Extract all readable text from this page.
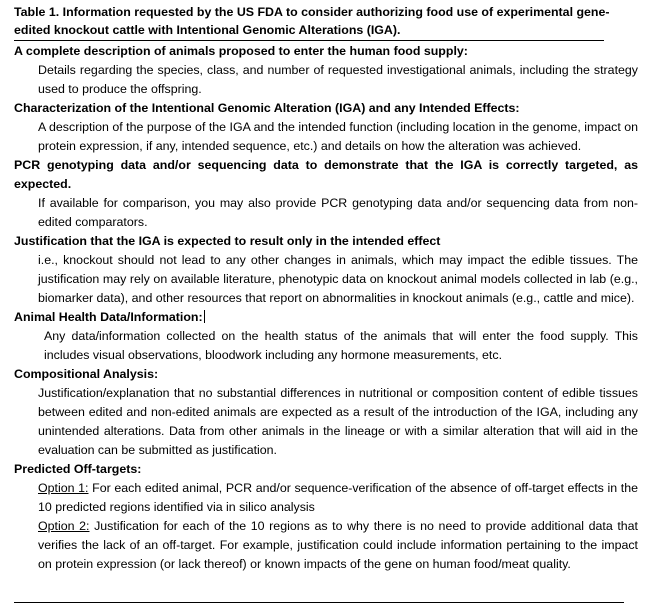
Table 1. Information requested by the US FDA to consider authorizing food use of experimental gene-edited knockout cattle with Intentional Genomic Alterations (IGA).

A complete description of animals proposed to enter the human food supply:

Details regarding the species, class, and number of requested investigational animals, including the strategy used to produce the offspring.

Characterization of the Intentional Genomic Alteration (IGA) and any Intended Effects:

A description of the purpose of the IGA and the intended function (including location in the genome, impact on protein expression, if any, intended sequence, etc.) and details on how the alteration was achieved.

PCR genotyping data and/or sequencing data to demonstrate that the IGA is correctly targeted, as expected.

If available for comparison, you may also provide PCR genotyping data and/or sequencing data from non-edited comparators.

Justification that the IGA is expected to result only in the intended effect

i.e., knockout should not lead to any other changes in animals, which may impact the edible tissues. The justification may rely on available literature, phenotypic data on knockout animal models collected in lab (e.g., biomarker data), and other resources that report on abnormalities in knockout animals (e.g., cattle and mice).

Animal Health Data/Information:

Any data/information collected on the health status of the animals that will enter the food supply. This includes visual observations, bloodwork including any hormone measurements, etc.

Compositional Analysis:

Justification/explanation that no substantial differences in nutritional or composition content of edible tissues between edited and non-edited animals are expected as a result of the introduction of the IGA, including any unintended alterations. Data from other animals in the lineage or with a similar alteration that will aid in the evaluation can be submitted as justification.

Predicted Off-targets:

Option 1: For each edited animal, PCR and/or sequence-verification of the absence of off-target effects in the 10 predicted regions identified via in silico analysis

Option 2: Justification for each of the 10 regions as to why there is no need to provide additional data that verifies the lack of an off-target. For example, justification could include information pertaining to the impact on protein expression (or lack thereof) or known impacts of the gene on human food/meat quality.
